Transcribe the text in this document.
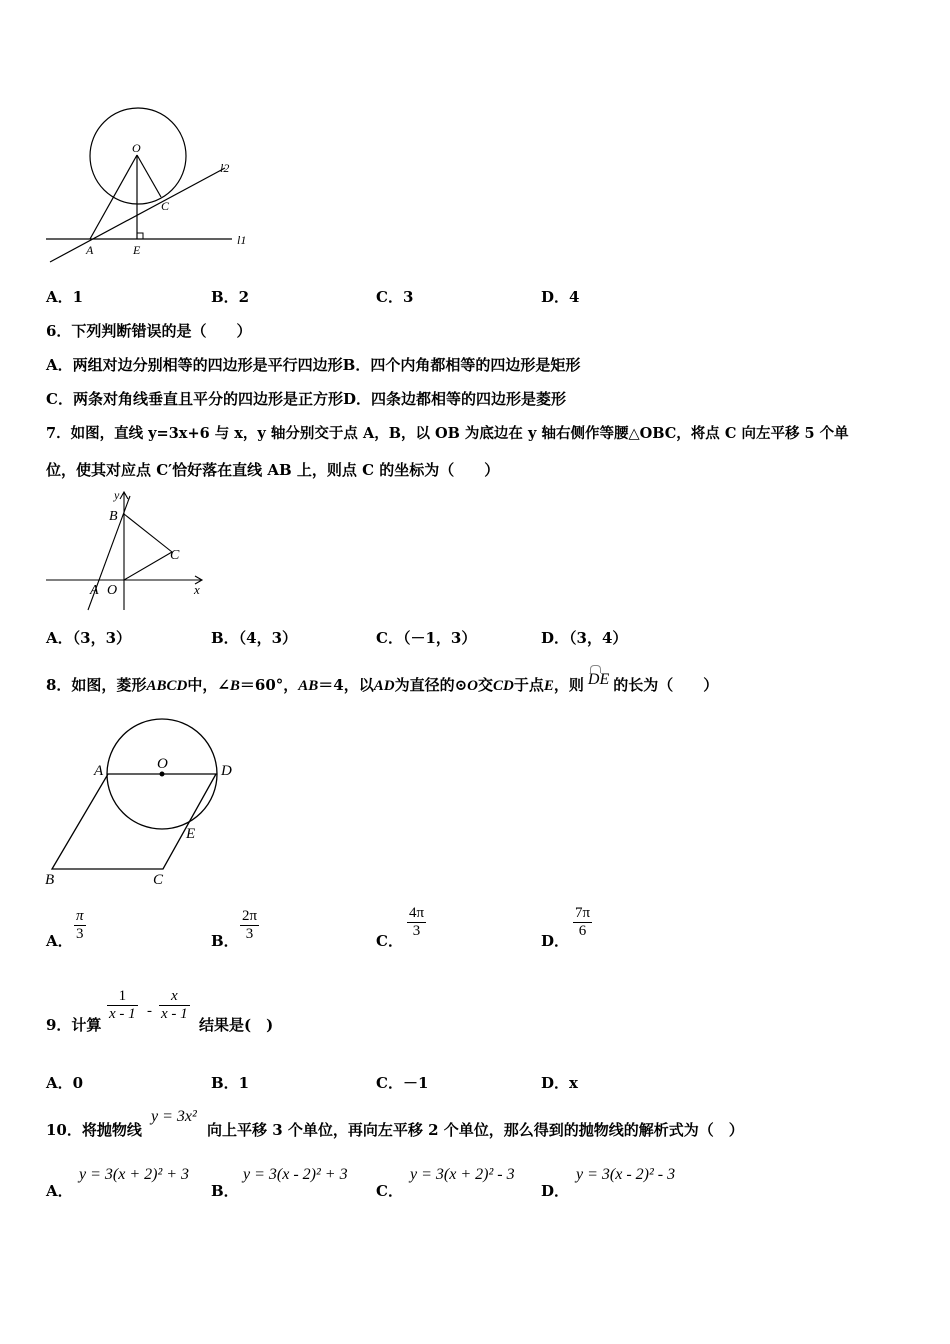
O
C
A	E
l1
l2
A．1	B．2	C．3	D．4
6．下列判断错误的是（　　）
A．两组对边分别相等的四边形是平行四边形B．四个内角都相等的四边形是矩形
C．两条对角线垂直且平分的四边形是正方形D．四条边都相等的四边形是菱形
7．如图，直线 y=3x+6 与 x，y 轴分别交于点 A，B，以 OB 为底边在 y 轴右侧作等腰△OBC，将点 C 向左平移 5 个单
位，使其对应点 C′恰好落在直线 AB 上，则点 C 的坐标为（　　）
y
B
C
A O	x
A．（3，3）	B．（4，3）	C．（－1，3）	D．（3，4）
8．如图，菱形ABCD中，∠B＝60°，AB＝4，以AD为直径的⊙O交CD于点E，则 DE 的长为（　　）
A	O	D
E
B	C
A．
π
3	B．
2π
3	C．
4π
3
D．
7π
6
9．计算
1
x - 1 -
x
x - 1
结果是(　)
A．0	B．1	C．－1	D．x
10．将抛物线
y = 3x²
向上平移 3 个单位，再向左平移 2 个单位，那么得到的抛物线的解析式为（　）
A．
y = 3(x + 2)² + 3
B．
y = 3(x - 2)² + 3
C．
y = 3(x + 2)² - 3
D．
y = 3(x - 2)² - 3
